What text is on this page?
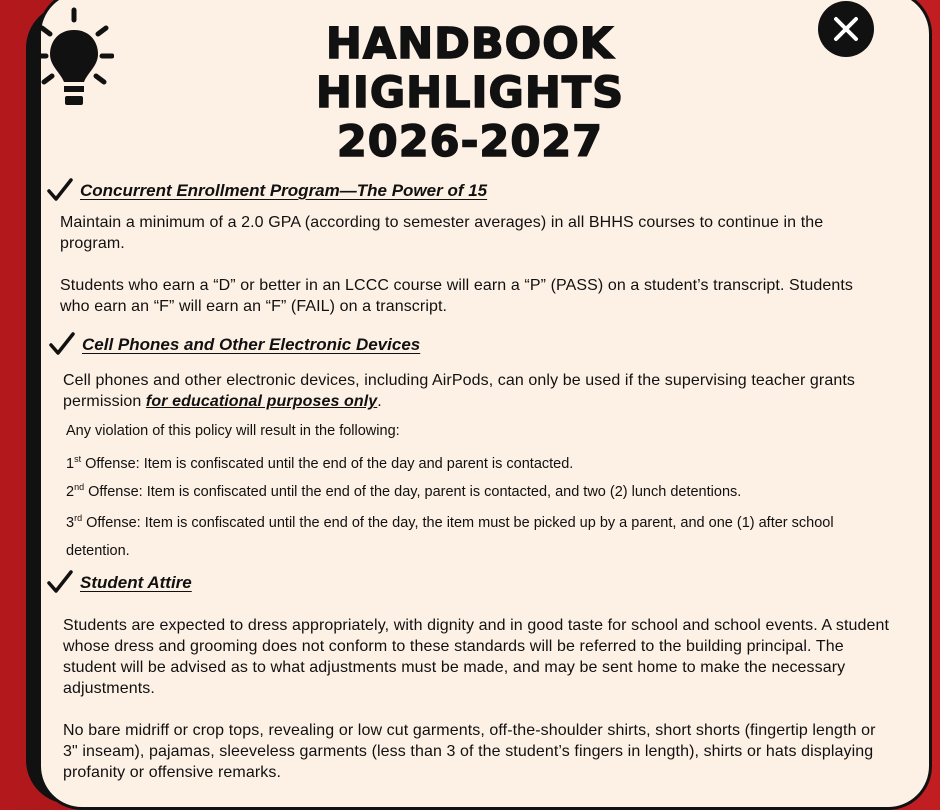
HANDBOOK
HIGHLIGHTS
2026-2027
Concurrent Enrollment Program—The Power of 15
Maintain a minimum of a 2.0 GPA (according to semester averages) in all BHHS courses to continue in the program.
Students who earn a “D” or better in an LCCC course will earn a “P” (PASS) on a student’s transcript. Students who earn an “F” will earn an “F” (FAIL) on a transcript.
Cell Phones and Other Electronic Devices
Cell phones and other electronic devices, including AirPods, can only be used if the supervising teacher grants permission for educational purposes only.
Any violation of this policy will result in the following:
1st Offense: Item is confiscated until the end of the day and parent is contacted.
2nd Offense: Item is confiscated until the end of the day, parent is contacted, and two (2) lunch detentions.
3rd Offense: Item is confiscated until the end of the day, the item must be picked up by a parent, and one (1) after school detention.
Student Attire
Students are expected to dress appropriately, with dignity and in good taste for school and school events. A student whose dress and grooming does not conform to these standards will be referred to the building principal. The student will be advised as to what adjustments must be made, and may be sent home to make the necessary adjustments.
No bare midriff or crop tops, revealing or low cut garments, off-the-shoulder shirts, short shorts (fingertip length or 3" inseam), pajamas, sleeveless garments (less than 3 of the student’s fingers in length), shirts or hats displaying profanity or offensive remarks.
